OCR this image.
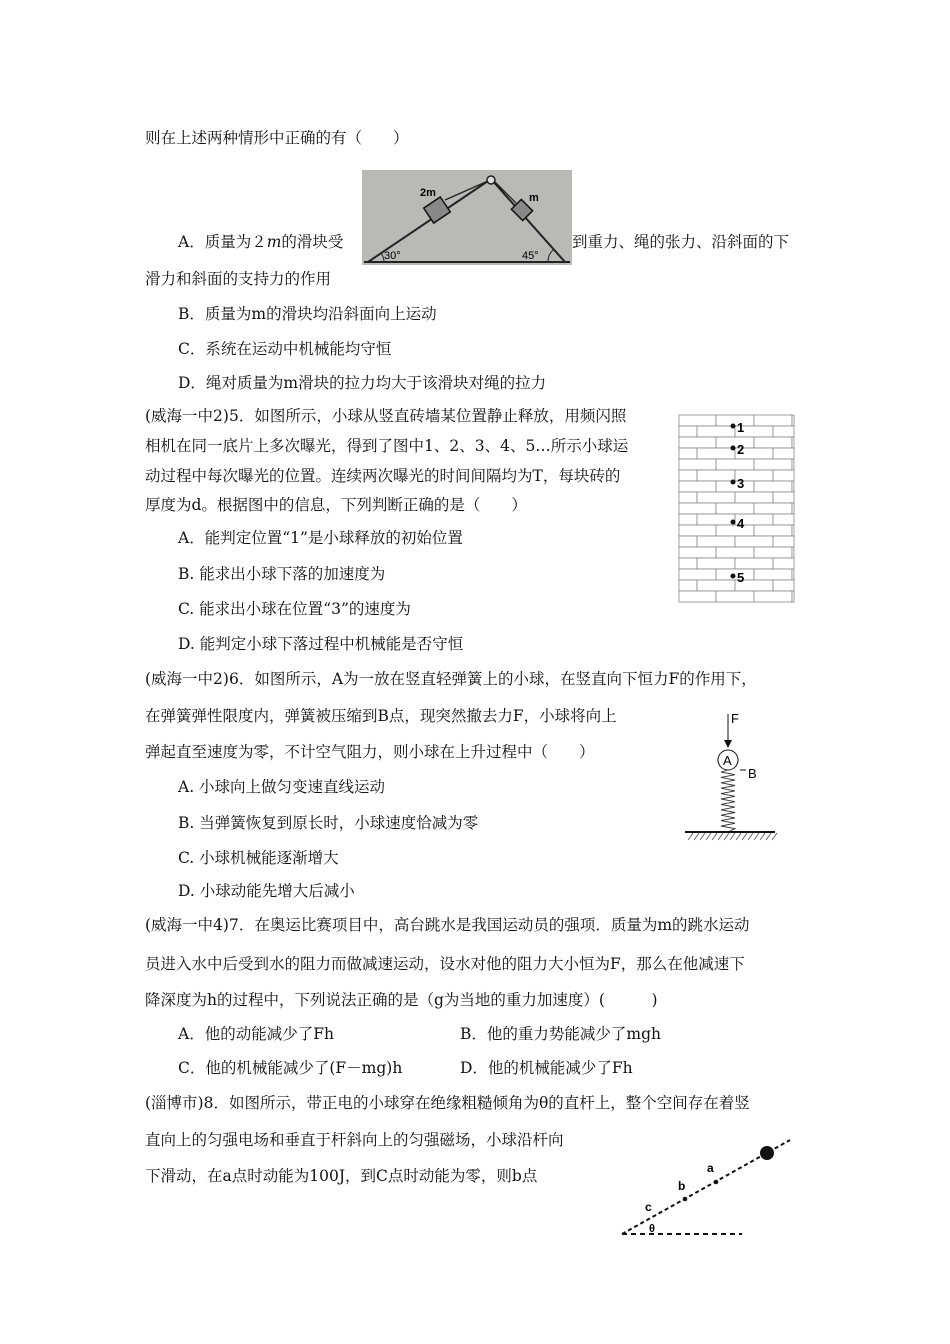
则在上述两种情形中正确的有（　　）
A．质量为２m的滑块受	到重力、绳的张力、沿斜面的下
滑力和斜面的支持力的作用
B．质量为m的滑块均沿斜面向上运动
C．系统在运动中机械能均守恒
D．绳对质量为m滑块的拉力均大于该滑块对绳的拉力
2m	m
30°	45°
(威海一中2)5．如图所示，小球从竖直砖墙某位置静止释放，用频闪照
相机在同一底片上多次曝光，得到了图中1、2、3、4、5…所示小球运
动过程中每次曝光的位置。连续两次曝光的时间间隔均为T，每块砖的
厚度为d。根据图中的信息，下列判断正确的是（　　）
A．能判定位置“1”是小球释放的初始位置
B. 能求出小球下落的加速度为
C. 能求出小球在位置“3”的速度为
D. 能判定小球下落过程中机械能是否守恒
1
2
3
4
5
(威海一中2)6．如图所示，A为一放在竖直轻弹簧上的小球，在竖直向下恒力F的作用下，
在弹簧弹性限度内，弹簧被压缩到B点，现突然撤去力F，小球将向上
弹起直至速度为零，不计空气阻力，则小球在上升过程中（　　）
A. 小球向上做匀变速直线运动
B. 当弹簧恢复到原长时，小球速度恰减为零
C. 小球机械能逐渐增大
D. 小球动能先增大后减小
F
A
B
(威海一中4)7．在奥运比赛项目中，高台跳水是我国运动员的强项．质量为m的跳水运动
员进入水中后受到水的阻力而做减速运动，设水对他的阻力大小恒为F，那么在他减速下
降深度为h的过程中，下列说法正确的是（g为当地的重力加速度）(　　　)
A．他的动能减少了Fh	B．他的重力势能减少了mgh
C．他的机械能减少了(F－mg)h	D．他的机械能减少了Fh
(淄博市)8．如图所示，带正电的小球穿在绝缘粗糙倾角为θ的直杆上，整个空间存在着竖
直向上的匀强电场和垂直于杆斜向上的匀强磁场，小球沿杆向
下滑动，在a点时动能为100J，到C点时动能为零，则b点	a
b
c
θ
